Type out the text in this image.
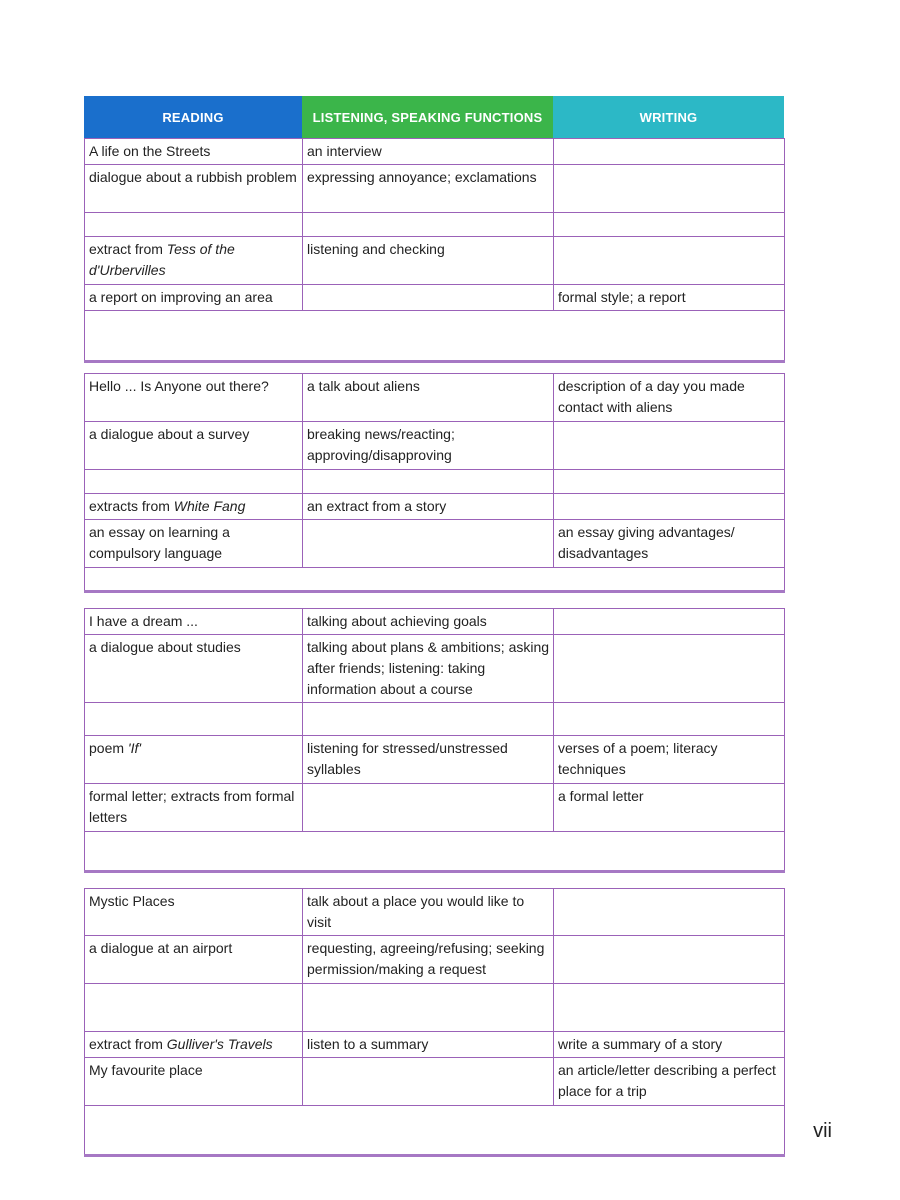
READING	LISTENING, SPEAKING FUNCTIONS	WRITING
A life on the Streets	an interview	
dialogue about a rubbish problem	expressing annoyance; exclamations	

extract from Tess of the d'Urbervilles	listening and checking	
a report on improving an area		formal style; a report

Hello ... Is Anyone out there?	a talk about aliens	description of a day you made contact with aliens
a dialogue about a survey	breaking news/reacting; approving/disapproving	

extracts from White Fang	an extract from a story	
an essay on learning a compulsory language		an essay giving advantages/ disadvantages

I have a dream ...	talking about achieving goals	
a dialogue about studies	talking about plans & ambitions; asking after friends; listening: taking information about a course	

poem 'If'	listening for stressed/unstressed syllables	verses of a poem; literacy techniques
formal letter; extracts from formal letters		a formal letter

Mystic Places	talk about a place you would like to visit	
a dialogue at an airport	requesting, agreeing/refusing; seeking permission/making a request	

extract from Gulliver's Travels	listen to a summary	write a summary of a story
My favourite place		an article/letter describing a perfect place for a trip

vii
